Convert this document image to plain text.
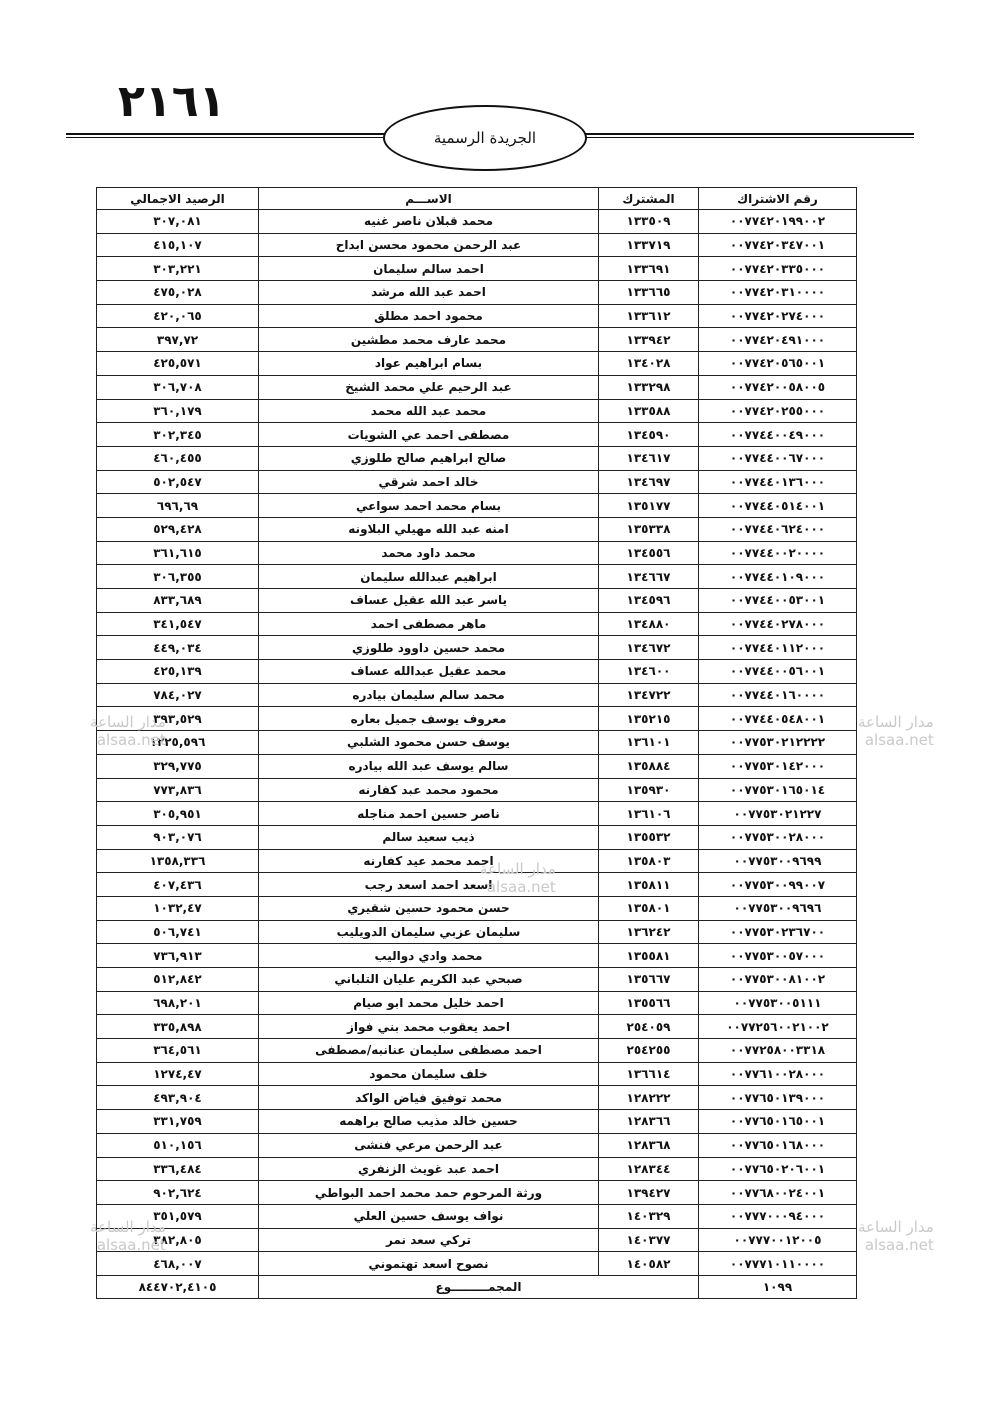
٢١٦١
الجريدة الرسمية
رقم الاشتراك	المشترك	الاســـم	الرصيد الاجمالي
٠٠٧٧٤٢٠١٩٩٠٠٢	١٣٣٥٠٩	محمد قبلان ناصر غنيه	٣٠٧,٠٨١
٠٠٧٧٤٢٠٣٤٧٠٠١	١٣٣٧١٩	عبد الرحمن محمود محسن ابداح	٤١٥,١٠٧
٠٠٧٧٤٢٠٣٣٥٠٠٠	١٣٣٦٩١	احمد سالم سليمان	٣٠٣,٢٢١
٠٠٧٧٤٢٠٣١٠٠٠٠	١٣٣٦٦٥	احمد عبد الله مرشد	٤٧٥,٠٢٨
٠٠٧٧٤٢٠٢٧٤٠٠٠	١٣٣٦١٢	محمود احمد مطلق	٤٢٠,٠٦٥
٠٠٧٧٤٢٠٤٩١٠٠٠	١٣٣٩٤٢	محمد عارف محمد مطشين	٣٩٧,٧٢
٠٠٧٧٤٢٠٥٦٥٠٠١	١٣٤٠٢٨	بسام ابراهيم عواد	٤٢٥,٥٧١
٠٠٧٧٤٢٠٠٥٨٠٠٥	١٣٣٢٩٨	عبد الرحيم علي محمد الشيخ	٣٠٦,٧٠٨
٠٠٧٧٤٢٠٢٥٥٠٠٠	١٣٣٥٨٨	محمد عبد الله محمد	٣٦٠,١٧٩
٠٠٧٧٤٤٠٠٤٩٠٠٠	١٣٤٥٩٠	مصطفى احمد عي الشويات	٣٠٢,٣٤٥
٠٠٧٧٤٤٠٠٦٧٠٠٠	١٣٤٦١٧	صالح ابراهيم صالح طلوزي	٤٦٠,٤٥٥
٠٠٧٧٤٤٠١٣٦٠٠٠	١٣٤٦٩٧	خالد احمد شرقي	٥٠٢,٥٤٧
٠٠٧٧٤٤٠٥١٤٠٠١	١٣٥١٧٧	بسام محمد احمد سواعي	٦٩٦,٦٩
٠٠٧٧٤٤٠٦٢٤٠٠٠	١٣٥٣٣٨	امنه عبد الله مهيلي البلاونه	٥٢٩,٤٢٨
٠٠٧٧٤٤٠٠٢٠٠٠٠	١٣٤٥٥٦	محمد داود محمد	٣٦١,٦١٥
٠٠٧٧٤٤٠١٠٩٠٠٠	١٣٤٦٦٧	ابراهيم عبدالله سليمان	٣٠٦,٣٥٥
٠٠٧٧٤٤٠٠٥٣٠٠١	١٣٤٥٩٦	ياسر عبد الله عقيل عساف	٨٣٣,٦٨٩
٠٠٧٧٤٤٠٢٧٨٠٠٠	١٣٤٨٨٠	ماهر مصطفى احمد	٣٤١,٥٤٧
٠٠٧٧٤٤٠١١٢٠٠٠	١٣٤٦٧٢	محمد حسين داوود طلوزي	٤٤٩,٠٣٤
٠٠٧٧٤٤٠٠٥٦٠٠١	١٣٤٦٠٠	محمد عقيل عبدالله عساف	٤٢٥,١٣٩
٠٠٧٧٤٤٠١٦٠٠٠٠	١٣٤٧٢٢	محمد سالم سليمان بيادره	٧٨٤,٠٢٧
٠٠٧٧٤٤٠٥٤٨٠٠١	١٣٥٢١٥	معروف يوسف جميل بعاره	٣٩٣,٥٢٩
٠٠٧٧٥٣٠٢١٢٢٢٢	١٣٦١٠١	يوسف حسن محمود الشلبي	١٢٢٥,٥٩٦
٠٠٧٧٥٣٠١٤٢٠٠٠	١٣٥٨٨٤	سالم يوسف عبد الله بيادره	٣٢٩,٧٧٥
٠٠٧٧٥٣٠١٦٥٠١٤	١٣٥٩٣٠	محمود محمد عبد كفارنه	٧٧٣,٨٣٦
٠٠٧٧٥٣٠٢١٢٢٧	١٣٦١٠٦	ناصر حسين احمد مناجله	٣٠٥,٩٥١
٠٠٧٧٥٣٠٠٢٨٠٠٠	١٣٥٥٣٢	ذيب سعيد سالم	٩٠٣,٠٧٦
٠٠٧٧٥٣٠٠٩٦٩٩	١٣٥٨٠٣	احمد محمد عيد كفارنه	١٣٥٨,٣٣٦
٠٠٧٧٥٣٠٠٩٩٠٠٧	١٣٥٨١١	اسعد احمد اسعد رجب	٤٠٧,٤٣٦
٠٠٧٧٥٣٠٠٩٦٩٦	١٣٥٨٠١	حسن محمود حسين شقيري	١٠٣٢,٤٧
٠٠٧٧٥٣٠٢٣٦٧٠٠	١٣٦٢٤٢	سليمان عزبي سليمان الدويليب	٥٠٦,٧٤١
٠٠٧٧٥٣٠٠٥٧٠٠٠	١٣٥٥٨١	محمد وادي دواليب	٧٣٦,٩١٣
٠٠٧٧٥٣٠٠٨١٠٠٢	١٣٥٦٦٧	صبحي عبد الكريم عليان التلباني	٥١٢,٨٤٢
٠٠٧٧٥٣٠٠٥١١١	١٣٥٥٦٦	احمد خليل محمد ابو صيام	٦٩٨,٢٠١
٠٠٧٧٢٥٦٠٠٢١٠٠٢	٢٥٤٠٥٩	احمد يعقوب محمد بني فواز	٣٣٥,٨٩٨
٠٠٧٧٢٥٨٠٠٣٣١٨	٢٥٤٢٥٥	احمد مصطفى سليمان عنانبه/مصطفى	٣٦٤,٥٦١
٠٠٧٧٦١٠٠٢٨٠٠٠	١٣٦٦١٤	خلف سليمان محمود	١٢٧٤,٤٧
٠٠٧٧٦٥٠١٣٩٠٠٠	١٢٨٢٢٢	محمد توفيق فياض الواكد	٤٩٣,٩٠٤
٠٠٧٧٦٥٠١٦٥٠٠١	١٢٨٣٦٦	حسين خالد مذيب صالح براهمه	٣٣١,٧٥٩
٠٠٧٧٦٥٠١٦٨٠٠٠	١٢٨٣٦٨	عبد الرحمن مرعي فنشى	٥١٠,١٥٦
٠٠٧٧٦٥٠٢٠٦٠٠١	١٢٨٣٤٤	احمد عبد غويث الزنفري	٣٣٦,٤٨٤
٠٠٧٧٦٨٠٠٢٤٠٠١	١٣٩٤٢٧	ورثة المرحوم حمد محمد احمد البواطي	٩٠٢,٦٢٤
٠٠٧٧٧٠٠٠٩٤٠٠٠	١٤٠٣٢٩	نواف يوسف حسين العلي	٣٥١,٥٧٩
٠٠٧٧٧٠٠١٢٠٠٥	١٤٠٣٧٧	تركي سعد نمر	٣٨٢,٨٠٥
٠٠٧٧٧١٠١١٠٠٠٠	١٤٠٥٨٢	نصوح اسعد تهتموني	٤٦٨,٠٠٧
١٠٩٩	المجمـــــــــوع		٨٤٤٧٠٢,٤١٠٥
مدار الساعة
alsaa.net
مدار الساعة
alsaa.net
مدار الساعة
alsaa.net
مدار الساعة
alsaa.net
مدار الساعة
alsaa.net
